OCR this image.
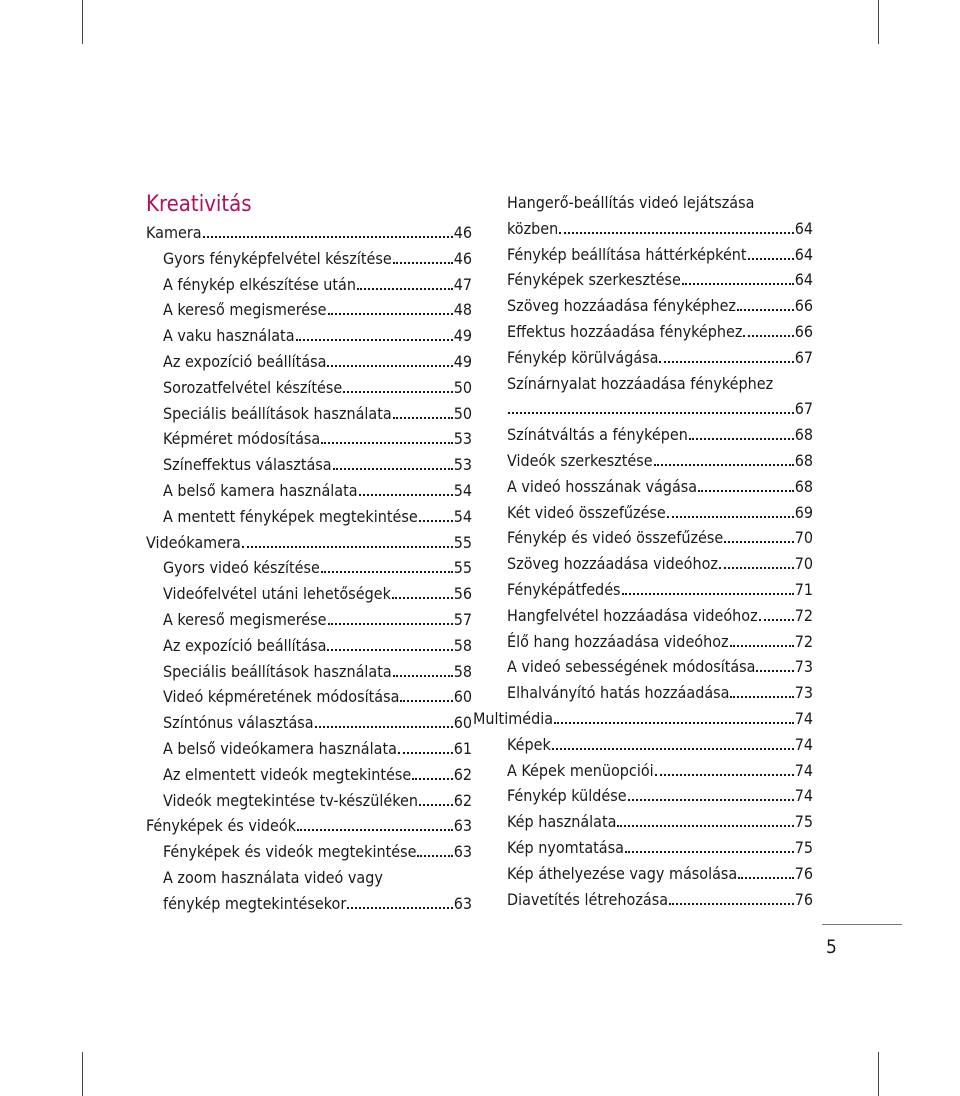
Kreativitás
Kamera	46
Gyors fényképfelvétel készítése	46
A fénykép elkészítése után	47
A kereső megismerése	48
A vaku használata	49
Az expozíció beállítása	49
Sorozatfelvétel készítése	50
Speciális beállítások használata	50
Képméret módosítása	53
Színeffektus választása	53
A belső kamera használata	54
A mentett fényképek megtekintése 54
Videókamera	55
Gyors videó készítése	55
Videófelvétel utáni lehetőségek	56
A kereső megismerése	57
Az expozíció beállítása	58
Speciális beállítások használata	58
Videó képméretének módosítása	60
Színtónus választása	60
A belső videókamera használata	61
Az elmentett videók megtekintése	62
Videók megtekintése tv-készüléken 62
Fényképek és videók	63
Fényképek és videók megtekintése 63
A zoom használata videó vagy
fénykép megtekintésekor	63
Hangerő-beállítás videó lejátszása
közben	64
Fénykép beállítása háttérképként	64
Fényképek szerkesztése	64
Szöveg hozzáadása fényképhez	66
Effektus hozzáadása fényképhez	66
Fénykép körülvágása	67
Színárnyalat hozzáadása fényképhez
67
Színátváltás a fényképen	68
Videók szerkesztése	68
A videó hosszának vágása	68
Két videó összefűzése	69
Fénykép és videó összefűzése	70
Szöveg hozzáadása videóhoz	70
Fényképátfedés	71
Hangfelvétel hozzáadása videóhoz 72
Élő hang hozzáadása videóhoz	72
A videó sebességének módosítása 73
Elhalványító hatás hozzáadása	73
Multimédia	74
Képek	74
A Képek menüopciói	74
Fénykép küldése	74
Kép használata	75
Kép nyomtatása	75
Kép áthelyezése vagy másolása	76
Diavetítés létrehozása	76
5
